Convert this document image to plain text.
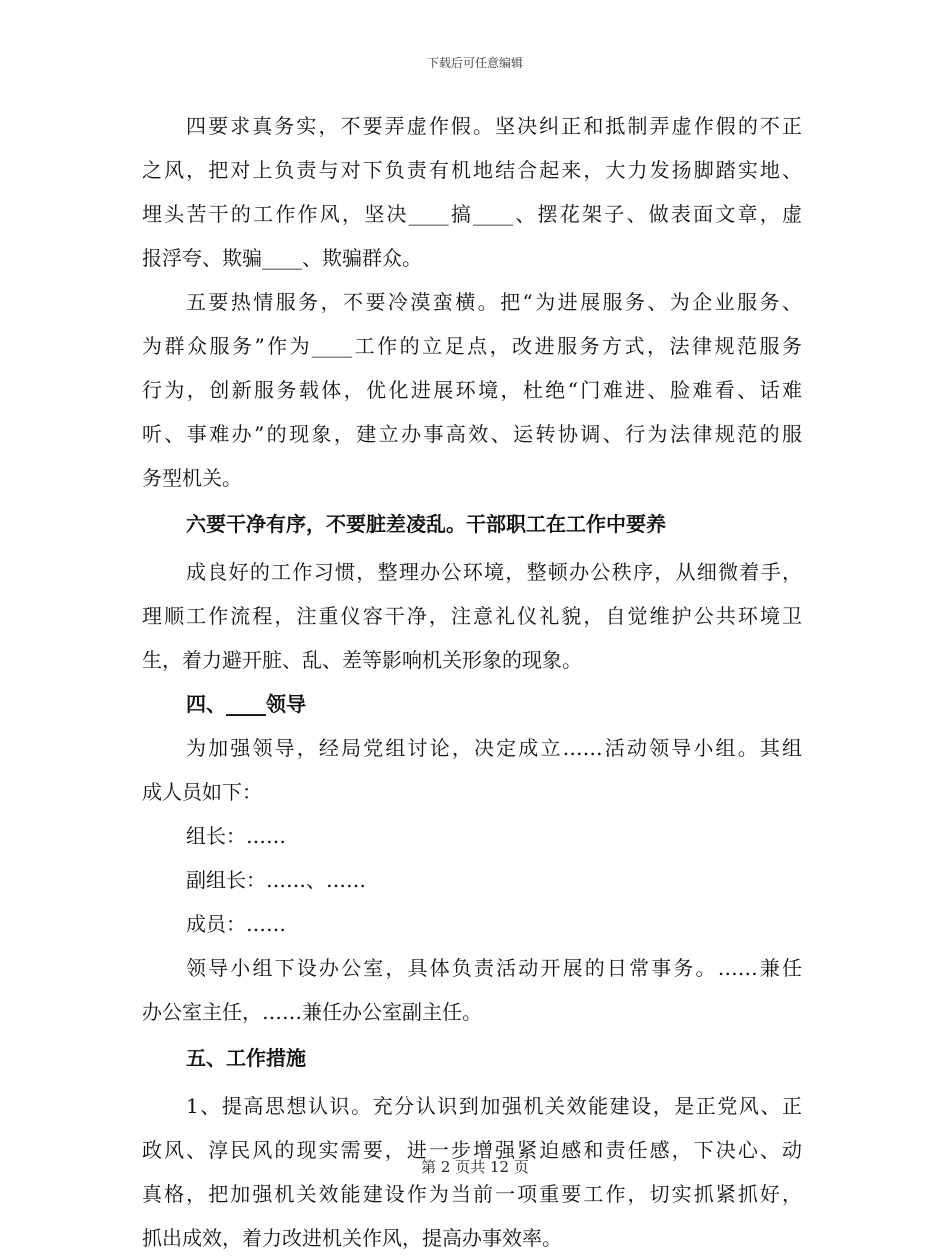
下载后可任意编辑
四要求真务实，不要弄虚作假。坚决纠正和抵制弄虚作假的不正
之风，把对上负责与对下负责有机地结合起来，大力发扬脚踏实地、
埋头苦干的工作作风，坚决____搞____、摆花架子、做表面文章，虚
报浮夸、欺骗____、欺骗群众。
五要热情服务，不要冷漠蛮横。把“为进展服务、为企业服务、
为群众服务”作为____工作的立足点，改进服务方式，法律规范服务
行为，创新服务载体，优化进展环境，杜绝“门难进、脸难看、话难
听、事难办”的现象，建立办事高效、运转协调、行为法律规范的服
务型机关。
六要干净有序，不要脏差凌乱。干部职工在工作中要养
成良好的工作习惯，整理办公环境，整顿办公秩序，从细微着手，
理顺工作流程，注重仪容干净，注意礼仪礼貌，自觉维护公共环境卫
生，着力避开脏、乱、差等影响机关形象的现象。
四、____领导
为加强领导，经局党组讨论，决定成立……活动领导小组。其组
成人员如下：
组长：……
副组长：……、……
成员：……
领导小组下设办公室，具体负责活动开展的日常事务。……兼任
办公室主任，……兼任办公室副主任。
五、工作措施
1、提高思想认识。充分认识到加强机关效能建设，是正党风、正
政风、淳民风的现实需要，进一步增强紧迫感和责任感，下决心、动
真格，把加强机关效能建设作为当前一项重要工作，切实抓紧抓好，
抓出成效，着力改进机关作风，提高办事效率。
第 2 页共 12 页
